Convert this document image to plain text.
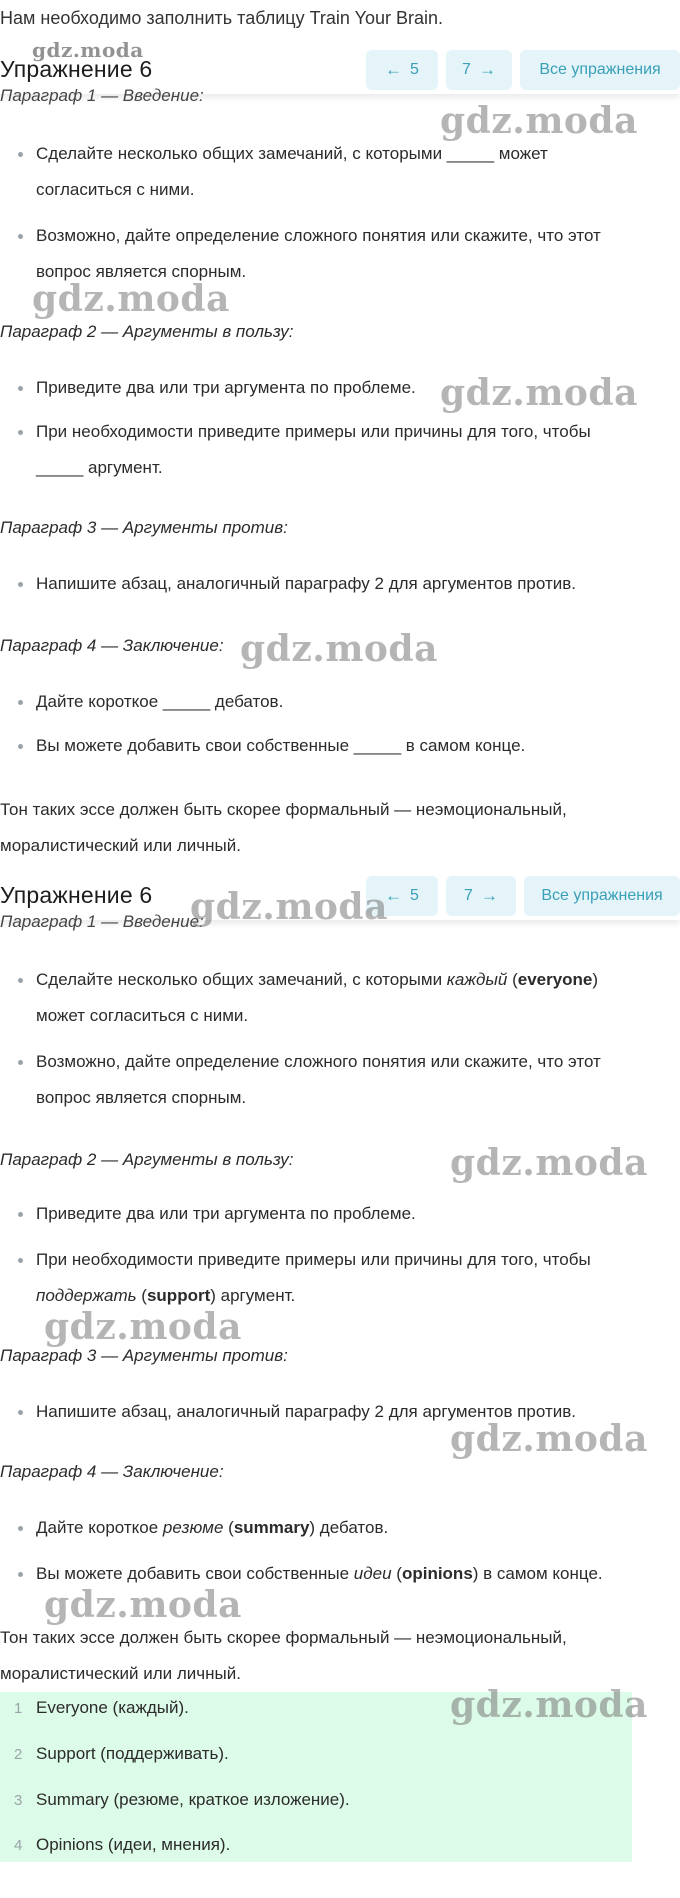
Нам необходимо заполнить таблицу Train Your Brain.
Упражнение 6	← 5	7 →	Все упражнения
Параграф 1 — Введение:
Сделайте несколько общих замечаний, с которыми _____ может
согласиться с ними.
Возможно, дайте определение сложного понятия или скажите, что этот
вопрос является спорным.
Параграф 2 — Аргументы в пользу:
Приведите два или три аргумента по проблеме.
При необходимости приведите примеры или причины для того, чтобы
_____ аргумент.
Параграф 3 — Аргументы против:
Напишите абзац, аналогичный параграфу 2 для аргументов против.
Параграф 4 — Заключение:
Дайте короткое _____ дебатов.
Вы можете добавить свои собственные _____ в самом конце.
Тон таких эссе должен быть скорее формальный — неэмоциональный,
моралистический или личный.
Упражнение 6	← 5	7 →	Все упражнения
Параграф 1 — Введение:
Сделайте несколько общих замечаний, с которыми каждый (everyone)
может согласиться с ними.
Возможно, дайте определение сложного понятия или скажите, что этот
вопрос является спорным.
Параграф 2 — Аргументы в пользу:
Приведите два или три аргумента по проблеме.
При необходимости приведите примеры или причины для того, чтобы
поддержать (support) аргумент.
Параграф 3 — Аргументы против:
Напишите абзац, аналогичный параграфу 2 для аргументов против.
Параграф 4 — Заключение:
Дайте короткое резюме (summary) дебатов.
Вы можете добавить свои собственные идеи (opinions) в самом конце.
Тон таких эссе должен быть скорее формальный — неэмоциональный,
моралистический или личный.
1 Everyone (каждый).
2 Support (поддерживать).
3 Summary (резюме, краткое изложение).
4 Opinions (идеи, мнения).
gdz.moda
gdz.moda
gdz.moda
gdz.moda
gdz.moda
gdz.moda
gdz.moda
gdz.moda
gdz.moda
gdz.moda
gdz.moda
